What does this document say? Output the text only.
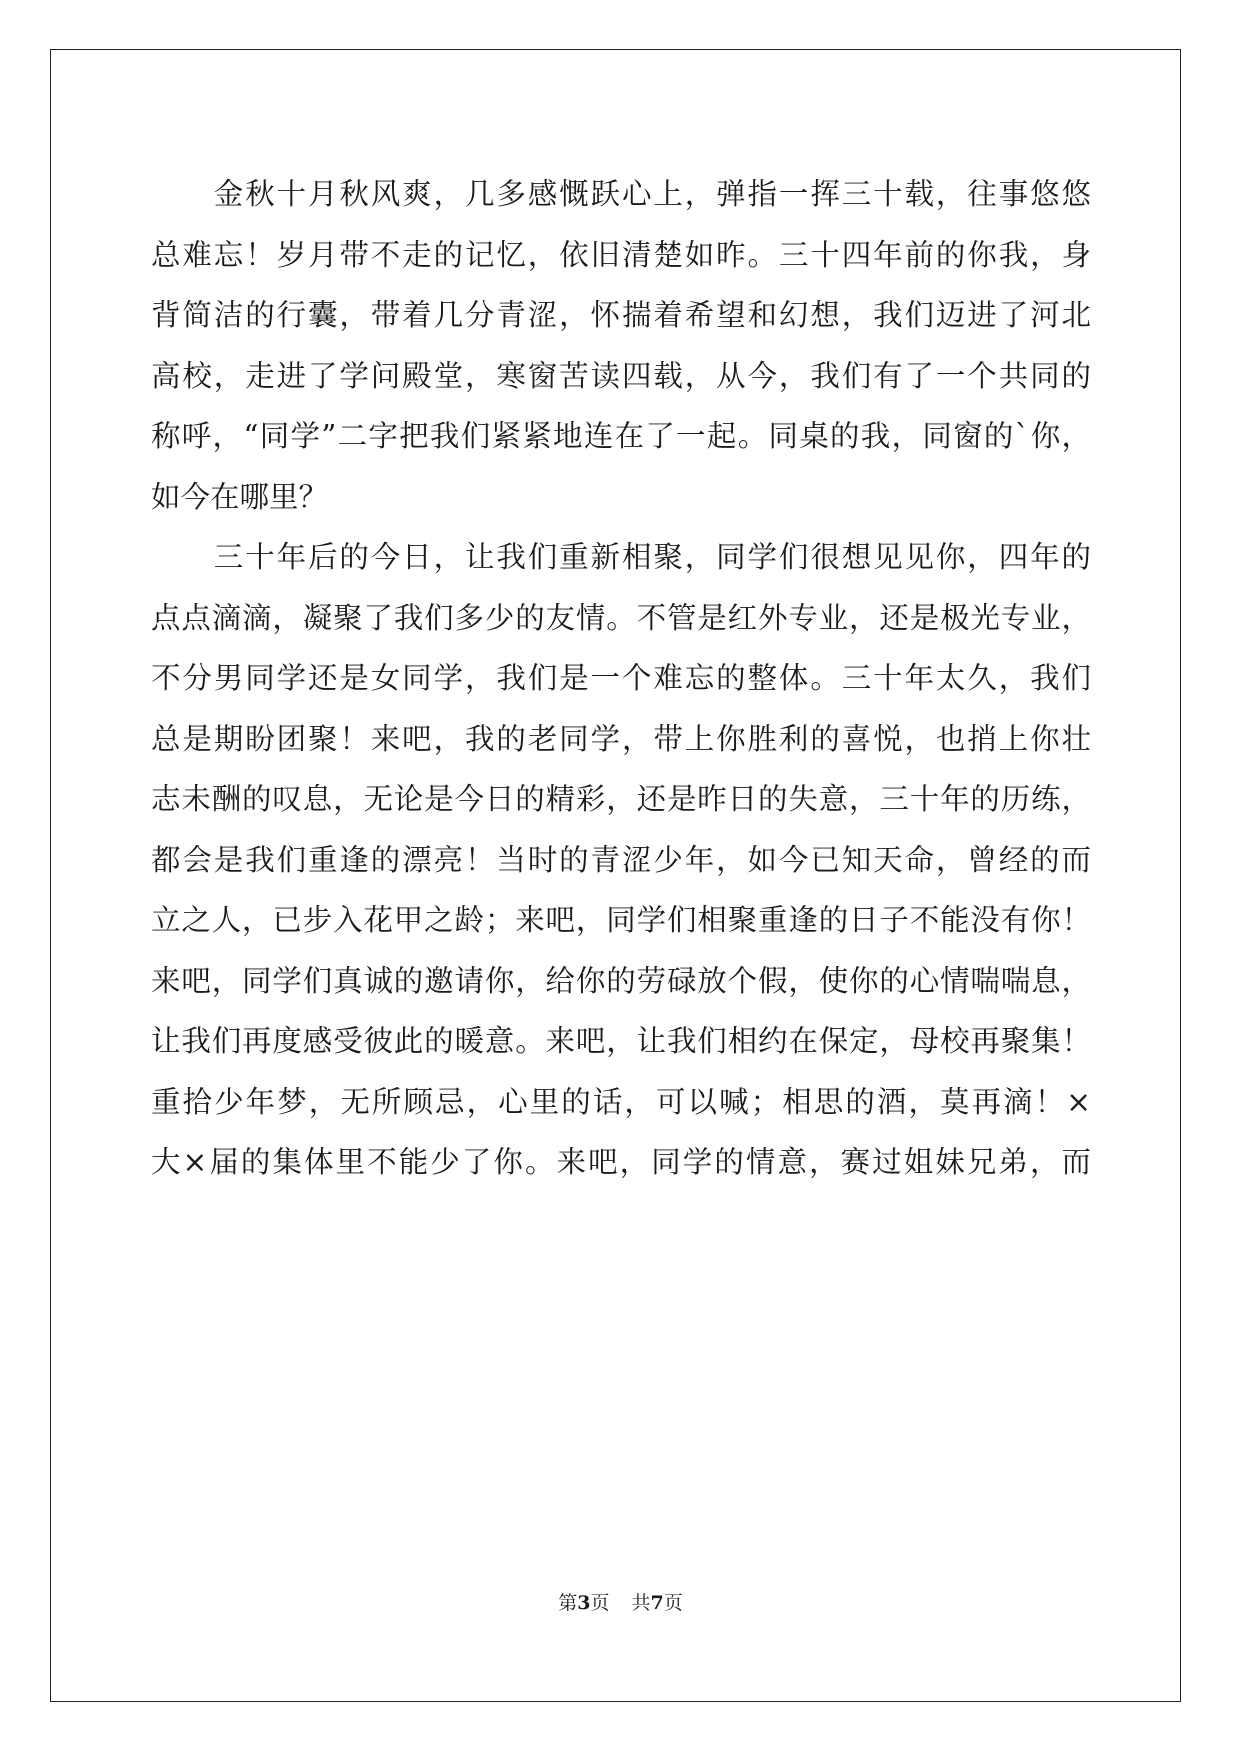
　　金秋十月秋风爽，几多感慨跃心上，弹指一挥三十载，往事悠悠
总难忘！岁月带不走的记忆，依旧清楚如昨。三十四年前的你我，身
背简洁的行囊，带着几分青涩，怀揣着希望和幻想，我们迈进了河北
高校，走进了学问殿堂，寒窗苦读四载，从今，我们有了一个共同的
称呼，“同学”二字把我们紧紧地连在了一起。同桌的我，同窗的`你，
如今在哪里？
　　三十年后的今日，让我们重新相聚，同学们很想见见你，四年的
点点滴滴，凝聚了我们多少的友情。不管是红外专业，还是极光专业，
不分男同学还是女同学，我们是一个难忘的整体。三十年太久，我们
总是期盼团聚！来吧，我的老同学，带上你胜利的喜悦，也捎上你壮
志未酬的叹息，无论是今日的精彩，还是昨日的失意，三十年的历练，
都会是我们重逢的漂亮！当时的青涩少年，如今已知天命，曾经的而
立之人，已步入花甲之龄；来吧，同学们相聚重逢的日子不能没有你！
来吧，同学们真诚的邀请你，给你的劳碌放个假，使你的心情喘喘息，
让我们再度感受彼此的暖意。来吧，让我们相约在保定，母校再聚集！
重拾少年梦，无所顾忌，心里的话，可以喊；相思的酒，莫再滴！×
大×届的集体里不能少了你。来吧，同学的情意，赛过姐妹兄弟，而
第3页 共7页
